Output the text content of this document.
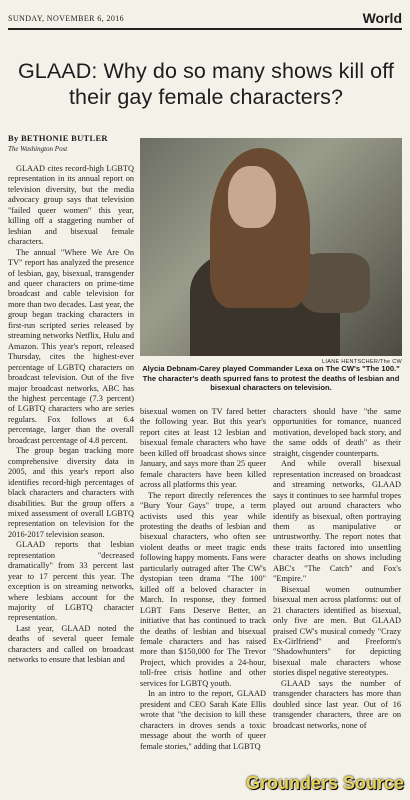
SUNDAY, NOVEMBER 6, 2016	World
GLAAD: Why do so many shows kill off their gay female characters?
By BETHONIE BUTLER
The Washington Post

GLAAD cites record-high LGBTQ representation in its annual report on television diversity, but the media advocacy group says that television "failed queer women" this year, killing off a staggering number of lesbian and bisexual female characters.

The annual "Where We Are On TV" report has analyzed the presence of lesbian, gay, bisexual, transgender and queer characters on prime-time broadcast and cable television for more than two decades. Last year, the group began tracking characters in first-run scripted series released by streaming networks Netflix, Hulu and Amazon. This year's report, released Thursday, cites the highest-ever percentage of LGBTQ characters on broadcast television. Out of the five major broadcast networks, ABC has the highest percentage (7.3 percent) of LGBTQ characters who are series regulars. Fox follows at 6.4 percentage, larger than the overall broadcast percentage of 4.8 percent.

The group began tracking more comprehensive diversity data in 2005, and this year's report also identifies record-high percentages of black characters and characters with disabilities. But the group offers a mixed assessment of overall LGBTQ representation on television for the 2016-2017 television season.

GLAAD reports that lesbian representation "decreased dramatically" from 33 percent last year to 17 percent this year. The exception is on streaming networks, where lesbians account for the majority of LGBTQ character representation.

Last year, GLAAD noted the deaths of several queer female characters and called on broadcast networks to ensure that lesbian and

LIANE HENTSCHER/The CW
Alycia Debnam-Carey played Commander Lexa on The CW's "The 100." The character's death spurred fans to protest the deaths of lesbian and bisexual characters on television.

bisexual women on TV fared better the following year. But this year's report cites at least 12 lesbian and bisexual female characters who have been killed off broadcast shows since January, and says more than 25 queer female characters have been killed across all platforms this year.

The report directly references the "Bury Your Gays" trope, a term activists used this year while protesting the deaths of lesbian and bisexual characters, who often see violent deaths or meet tragic ends following happy moments. Fans were particularly outraged after The CW's dystopian teen drama "The 100" killed off a beloved character in March. In response, they formed LGBT Fans Deserve Better, an initiative that has continued to track the deaths of lesbian and bisexual female characters and has raised more than $150,000 for The Trevor Project, which provides a 24-hour, toll-free crisis hotline and other services for LGBTQ youth.

In an intro to the report, GLAAD president and CEO Sarah Kate Ellis wrote that "the decision to kill these characters in droves sends a toxic message about the worth of queer female stories," adding that LGBTQ

characters should have "the same opportunities for romance, nuanced motivation, developed back story, and the same odds of death" as their straight, cisgender counterparts.

And while overall bisexual representation increased on broadcast and streaming networks, GLAAD says it continues to see harmful tropes played out around characters who identify as bisexual, often portraying them as manipulative or untrustworthy. The report notes that these traits factored into unsettling character deaths on shows including ABC's "The Catch" and Fox's "Empire."

Bisexual women outnumber bisexual men across platforms: out of 21 characters identified as bisexual, only five are men. But GLAAD praised CW's musical comedy "Crazy Ex-Girlfriend" and Freeform's "Shadowhunters" for depicting bisexual male characters whose stories dispel negative stereotypes.

GLAAD says the number of transgender characters has more than doubled since last year. Out of 16 transgender characters, three are on broadcast networks, none of

Grounders Source
